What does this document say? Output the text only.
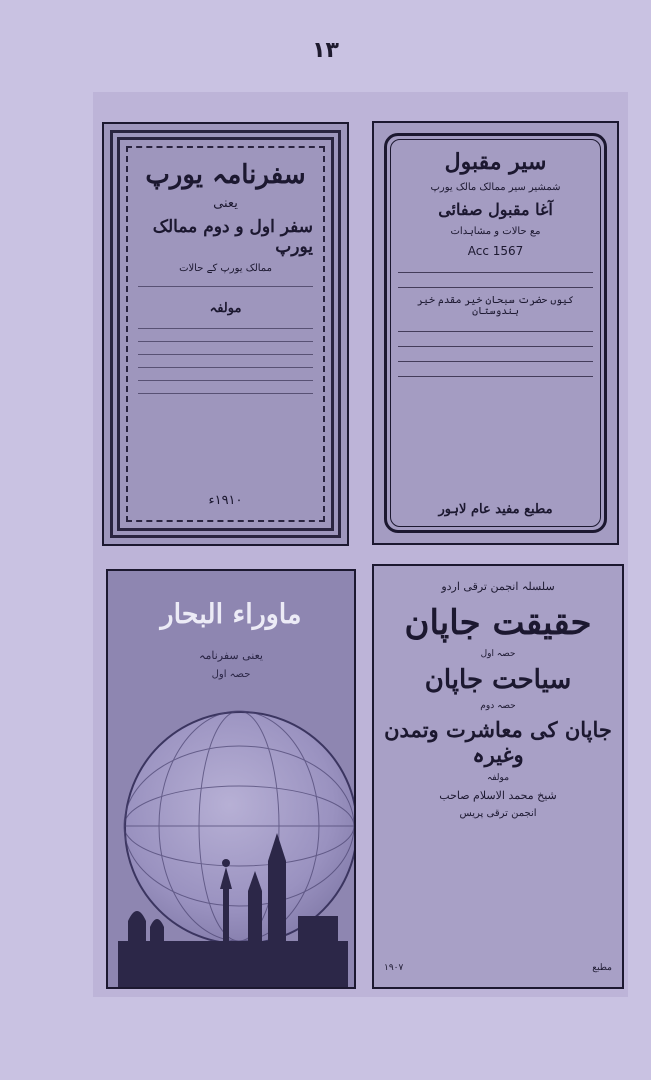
۱۳
سفرنامہ یورپ
یعنی
سفر اول و دوم ممالک یورپ
ممالک یورپ کے حالات
مولفہ
۱۹۱۰ء
سیر مقبول
شمشیر سیر ممالک مالک یورپ
آغا مقبول صفائی
مع حالات و مشاہدات
Acc 1567
کیوں حضرت سبحان خیر مقدم خیر ہندوستان
مطبع مفید عام لاہور
ماوراء البحار
یعنی سفرنامہ
حصہ اول
سلسلہ انجمن ترقی اردو
حقیقت جاپان
حصہ اول
سیاحت جاپان
حصہ دوم
جاپان کی معاشرت وتمدن وغیرہ
مولفہ
شیخ محمد الاسلام صاحب
انجمن ترقی پریس
مطبع
۱۹۰۷
